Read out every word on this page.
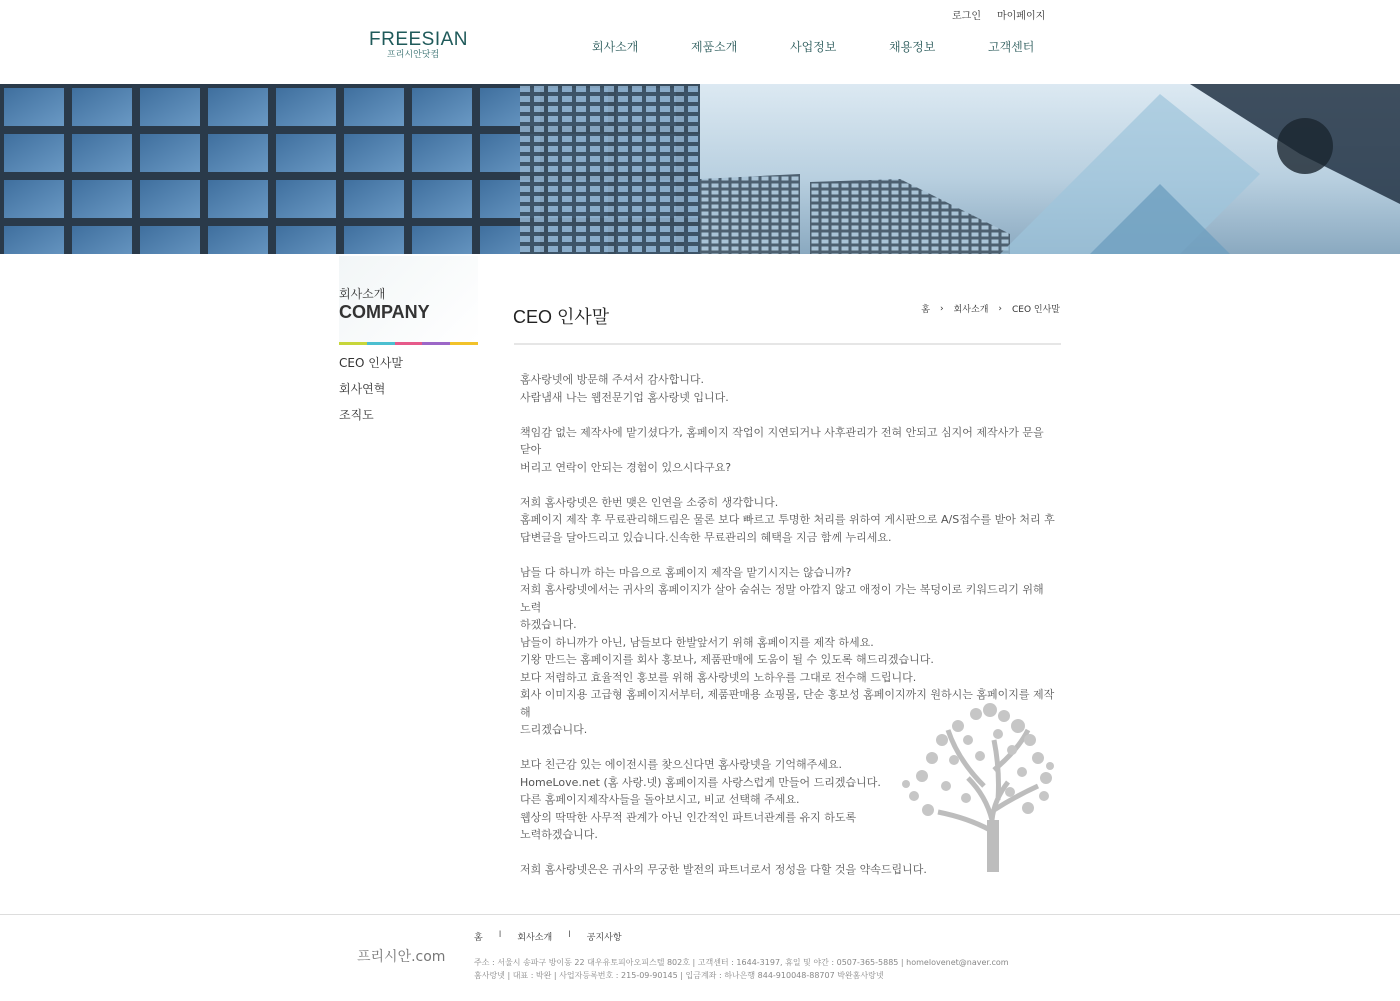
로그인 마이페이지
FREESIAN
프리시안닷컴
회사소개	제품소개	사업정보	채용정보	고객센터
회사소개
COMPANY
CEO 인사말
회사연혁
조직도
CEO 인사말	홈 › 회사소개 › CEO 인사말

홈사랑넷에 방문해 주셔서 감사합니다.
사람냄새 나는 웹전문기업 홈사랑넷 입니다.

책임감 없는 제작사에 맡기셨다가, 홈페이지 작업이 지연되거나 사후관리가 전혀 안되고 심지어 제작사가 문을 닫아
버리고 연락이 안되는 경험이 있으시다구요?

저희 홈사랑넷은 한번 맺은 인연을 소중히 생각합니다.
홈페이지 제작 후 무료관리해드림은 물론 보다 빠르고 투명한 처리를 위하여 게시판으로 A/S접수를 받아 처리 후
답변글을 달아드리고 있습니다.신속한 무료관리의 혜택을 지금 함께 누리세요.

남들 다 하니까 하는 마음으로 홈페이지 제작을 맡기시지는 않습니까?
저희 홈사랑넷에서는 귀사의 홈페이지가 살아 숨쉬는 정말 아깝지 않고 애정이 가는 복덩이로 키워드리기 위해 노력
하겠습니다.
남들이 하니까가 아닌, 남들보다 한발앞서기 위해 홈페이지를 제작 하세요.
기왕 만드는 홈페이지를 회사 홍보나, 제품판매에 도움이 될 수 있도록 해드리겠습니다.
보다 저렴하고 효율적인 홍보를 위해 홈사랑넷의 노하우를 그대로 전수해 드립니다.
회사 이미지용 고급형 홈페이지서부터, 제품판매용 쇼핑몰, 단순 홍보성 홈페이지까지 원하시는 홈페이지를 제작해
드리겠습니다.

보다 친근감 있는 에이전시를 찾으신다면 홈사랑넷을 기억해주세요.
HomeLove.net (홈 사랑.넷) 홈페이지를 사랑스럽게 만들어 드리겠습니다.
다른 홈페이지제작사들을 돌아보시고, 비교 선택해 주세요.
웹상의 딱딱한 사무적 관계가 아닌 인간적인 파트너관계를 유지 하도록
노력하겠습니다.

저희 홈사랑넷은은 귀사의 무궁한 발전의 파트너로서 정성을 다할 것을 약속드립니다.

프리시안.com
홈 I 회사소개 I 공지사항
주소 : 서울시 송파구 방이동 22 대우유토피아오피스텔 802호 | 고객센터 : 1644-3197, 휴일 및 야간 : 0507-365-5885 | homelovenet@naver.com
홈사랑넷 | 대표 : 박완 | 사업자등록번호 : 215-09-90145 | 입금계좌 : 하나은행 844-910048-88707 박완홈사랑넷
